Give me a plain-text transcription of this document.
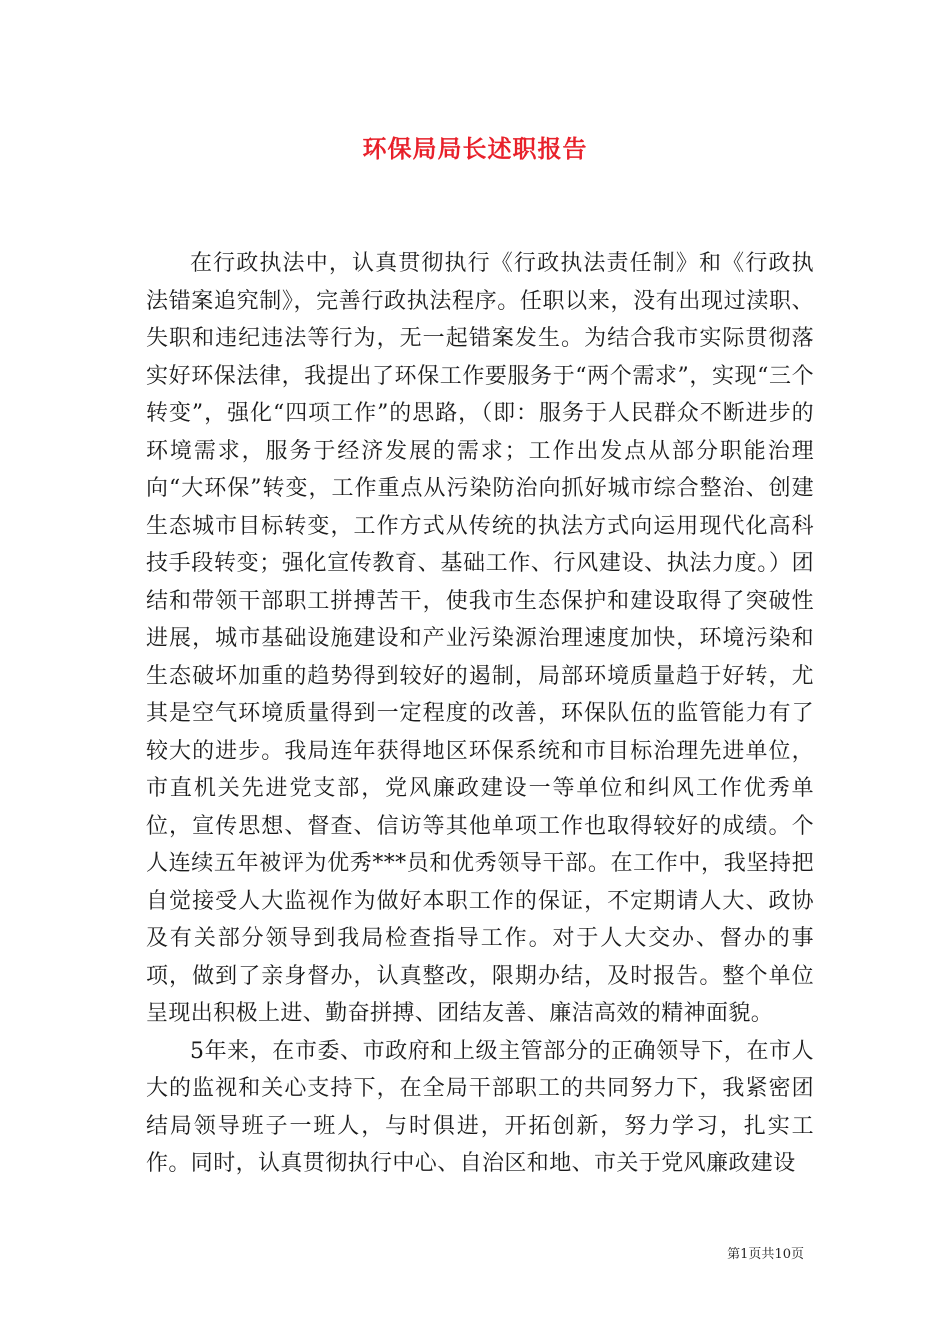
环保局局长述职报告

在行政执法中，认真贯彻执行《行政执法责任制》和《行政执法错案追究制》，完善行政执法程序。任职以来，没有出现过渎职、失职和违纪违法等行为，无一起错案发生。为结合我市实际贯彻落实好环保法律，我提出了环保工作要服务于“两个需求”，实现“三个转变”，强化“四项工作”的思路，（即：服务于人民群众不断进步的环境需求，服务于经济发展的需求；工作出发点从部分职能治理向“大环保”转变，工作重点从污染防治向抓好城市综合整治、创建生态城市目标转变，工作方式从传统的执法方式向运用现代化高科技手段转变；强化宣传教育、基础工作、行风建设、执法力度。）团结和带领干部职工拼搏苦干，使我市生态保护和建设取得了突破性进展，城市基础设施建设和产业污染源治理速度加快，环境污染和生态破坏加重的趋势得到较好的遏制，局部环境质量趋于好转，尤其是空气环境质量得到一定程度的改善，环保队伍的监管能力有了较大的进步。我局连年获得地区环保系统和市目标治理先进单位，市直机关先进党支部，党风廉政建设一等单位和纠风工作优秀单位，宣传思想、督查、信访等其他单项工作也取得较好的成绩。个人连续五年被评为优秀***员和优秀领导干部。在工作中，我坚持把自觉接受人大监视作为做好本职工作的保证，不定期请人大、政协及有关部分领导到我局检查指导工作。对于人大交办、督办的事项，做到了亲身督办，认真整改，限期办结，及时报告。整个单位呈现出积极上进、勤奋拼搏、团结友善、廉洁高效的精神面貌。

5年来，在市委、市政府和上级主管部分的正确领导下，在市人大的监视和关心支持下，在全局干部职工的共同努力下，我紧密团结局领导班子一班人，与时俱进，开拓创新，努力学习，扎实工作。同时，认真贯彻执行中心、自治区和地、市关于党风廉政建设

第1页共10页
